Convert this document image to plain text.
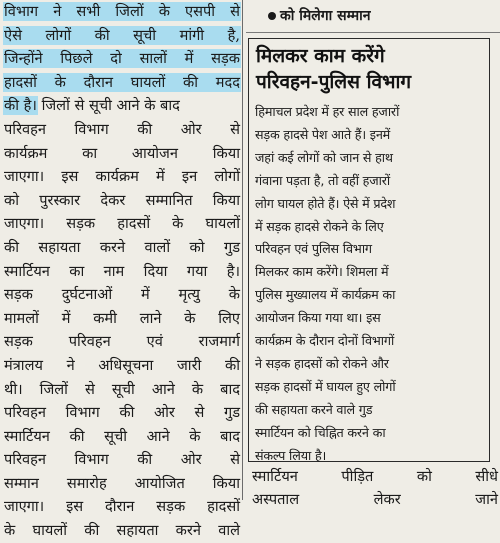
विभाग ने सभी जिलों के एसपी से
ऐसे लोगों की सूची मांगी है,
जिन्होंने पिछले दो सालों में सड़क
हादसों के दौरान घायलों की मदद
की है। जिलों से सूची आने के बाद
परिवहन विभाग की ओर से
कार्यक्रम का आयोजन किया
जाएगा। इस कार्यक्रम में इन लोगों
को पुरस्कार देकर सम्मानित किया
जाएगा। सड़क हादसों के घायलों
की सहायता करने वालों को गुड
स्मार्टियन का नाम दिया गया है।
सड़क दुर्घटनाओं में मृत्यु के
मामलों में कमी लाने के लिए
सड़क परिवहन एवं राजमार्ग
मंत्रालय ने अधिसूचना जारी की
थी। जिलों से सूची आने के बाद
परिवहन विभाग की ओर से गुड
स्मार्टियन की सूची आने के बाद
परिवहन विभाग की ओर से
सम्मान समारोह आयोजित किया
जाएगा। इस दौरान सड़क हादसों
के घायलों की सहायता करने वाले

को मिलेगा सम्मान
मिलकर काम करेंगे
परिवहन-पुलिस विभाग
हिमाचल प्रदेश में हर साल हजारों
सड़क हादसे पेश आते हैं। इनमें
जहां कई लोगों को जान से हाथ
गंवाना पड़ता है, तो वहीं हजारों
लोग घायल होते हैं। ऐसे में प्रदेश
में सड़क हादसे रोकने के लिए
परिवहन एवं पुलिस विभाग
मिलकर काम करेंगे। शिमला में
पुलिस मुख्यालय में कार्यक्रम का
आयोजन किया गया था। इस
कार्यक्रम के दौरान दोनों विभागों
ने सड़क हादसों को रोकने और
सड़क हादसों में घायल हुए लोगों
की सहायता करने वाले गुड
स्मार्टियन को चिह्नित करने का
संकल्प लिया है।
स्मार्टियन पीड़ित को सीधे
अस्पताल लेकर जाने
